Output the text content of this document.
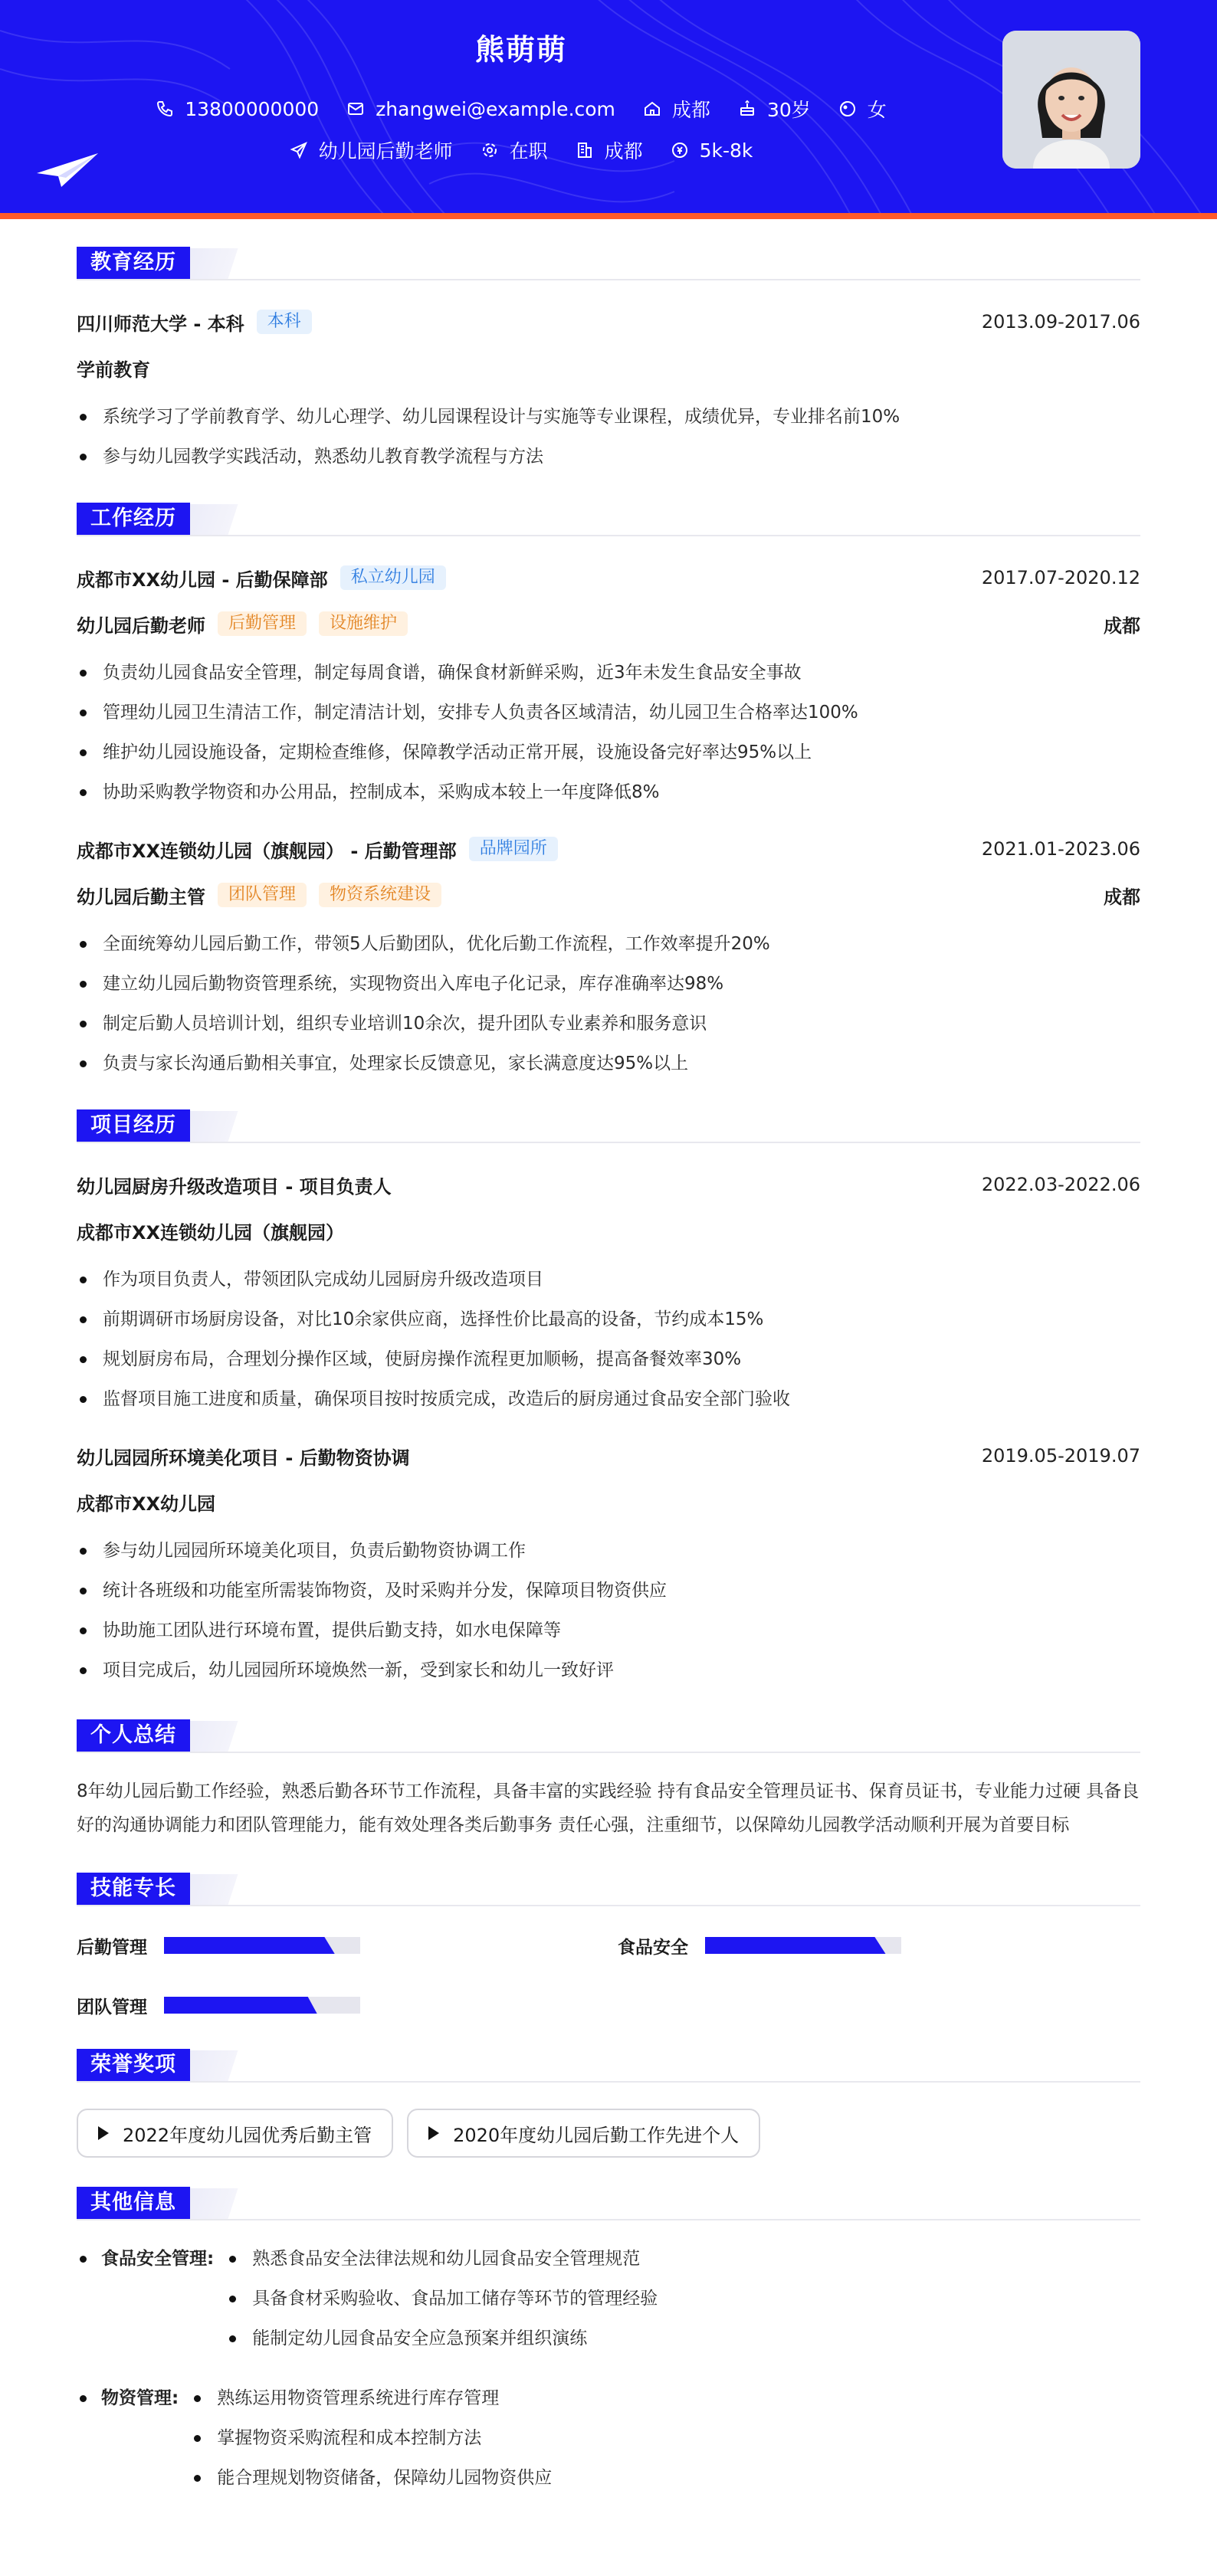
熊萌萌
13800000000	zhangwei@example.com	成都	30岁	女
幼儿园后勤老师	在职	成都	5k-8k
教育经历
四川师范大学 - 本科	本科	2013.09-2017.06
学前教育
系统学习了学前教育学、幼儿心理学、幼儿园课程设计与实施等专业课程，成绩优异，专业排名前10%
参与幼儿园教学实践活动，熟悉幼儿教育教学流程与方法
工作经历
成都市XX幼儿园 - 后勤保障部	私立幼儿园	2017.07-2020.12
幼儿园后勤老师	后勤管理	设施维护	成都
负责幼儿园食品安全管理，制定每周食谱，确保食材新鲜采购，近3年未发生食品安全事故
管理幼儿园卫生清洁工作，制定清洁计划，安排专人负责各区域清洁，幼儿园卫生合格率达100%
维护幼儿园设施设备，定期检查维修，保障教学活动正常开展，设施设备完好率达95%以上
协助采购教学物资和办公用品，控制成本，采购成本较上一年度降低8%
成都市XX连锁幼儿园（旗舰园） - 后勤管理部	品牌园所	2021.01-2023.06
幼儿园后勤主管	团队管理	物资系统建设	成都
全面统筹幼儿园后勤工作，带领5人后勤团队，优化后勤工作流程，工作效率提升20%
建立幼儿园后勤物资管理系统，实现物资出入库电子化记录，库存准确率达98%
制定后勤人员培训计划，组织专业培训10余次，提升团队专业素养和服务意识
负责与家长沟通后勤相关事宜，处理家长反馈意见，家长满意度达95%以上
项目经历
幼儿园厨房升级改造项目 - 项目负责人	2022.03-2022.06
成都市XX连锁幼儿园（旗舰园）
作为项目负责人，带领团队完成幼儿园厨房升级改造项目
前期调研市场厨房设备，对比10余家供应商，选择性价比最高的设备，节约成本15%
规划厨房布局，合理划分操作区域，使厨房操作流程更加顺畅，提高备餐效率30%
监督项目施工进度和质量，确保项目按时按质完成，改造后的厨房通过食品安全部门验收
幼儿园园所环境美化项目 - 后勤物资协调	2019.05-2019.07
成都市XX幼儿园
参与幼儿园园所环境美化项目，负责后勤物资协调工作
统计各班级和功能室所需装饰物资，及时采购并分发，保障项目物资供应
协助施工团队进行环境布置，提供后勤支持，如水电保障等
项目完成后，幼儿园园所环境焕然一新，受到家长和幼儿一致好评
个人总结
8年幼儿园后勤工作经验，熟悉后勤各环节工作流程，具备丰富的实践经验 持有食品安全管理员证书、保育员证书，专业能力过硬 具备良好的沟通协调能力和团队管理能力，能有效处理各类后勤事务 责任心强，注重细节，以保障幼儿园教学活动顺利开展为首要目标
技能专长
后勤管理	食品安全
团队管理
荣誉奖项
2022年度幼儿园优秀后勤主管	2020年度幼儿园后勤工作先进个人
其他信息
食品安全管理:	熟悉食品安全法律法规和幼儿园食品安全管理规范
具备食材采购验收、食品加工储存等环节的管理经验
能制定幼儿园食品安全应急预案并组织演练
物资管理:	熟练运用物资管理系统进行库存管理
掌握物资采购流程和成本控制方法
能合理规划物资储备，保障幼儿园物资供应
